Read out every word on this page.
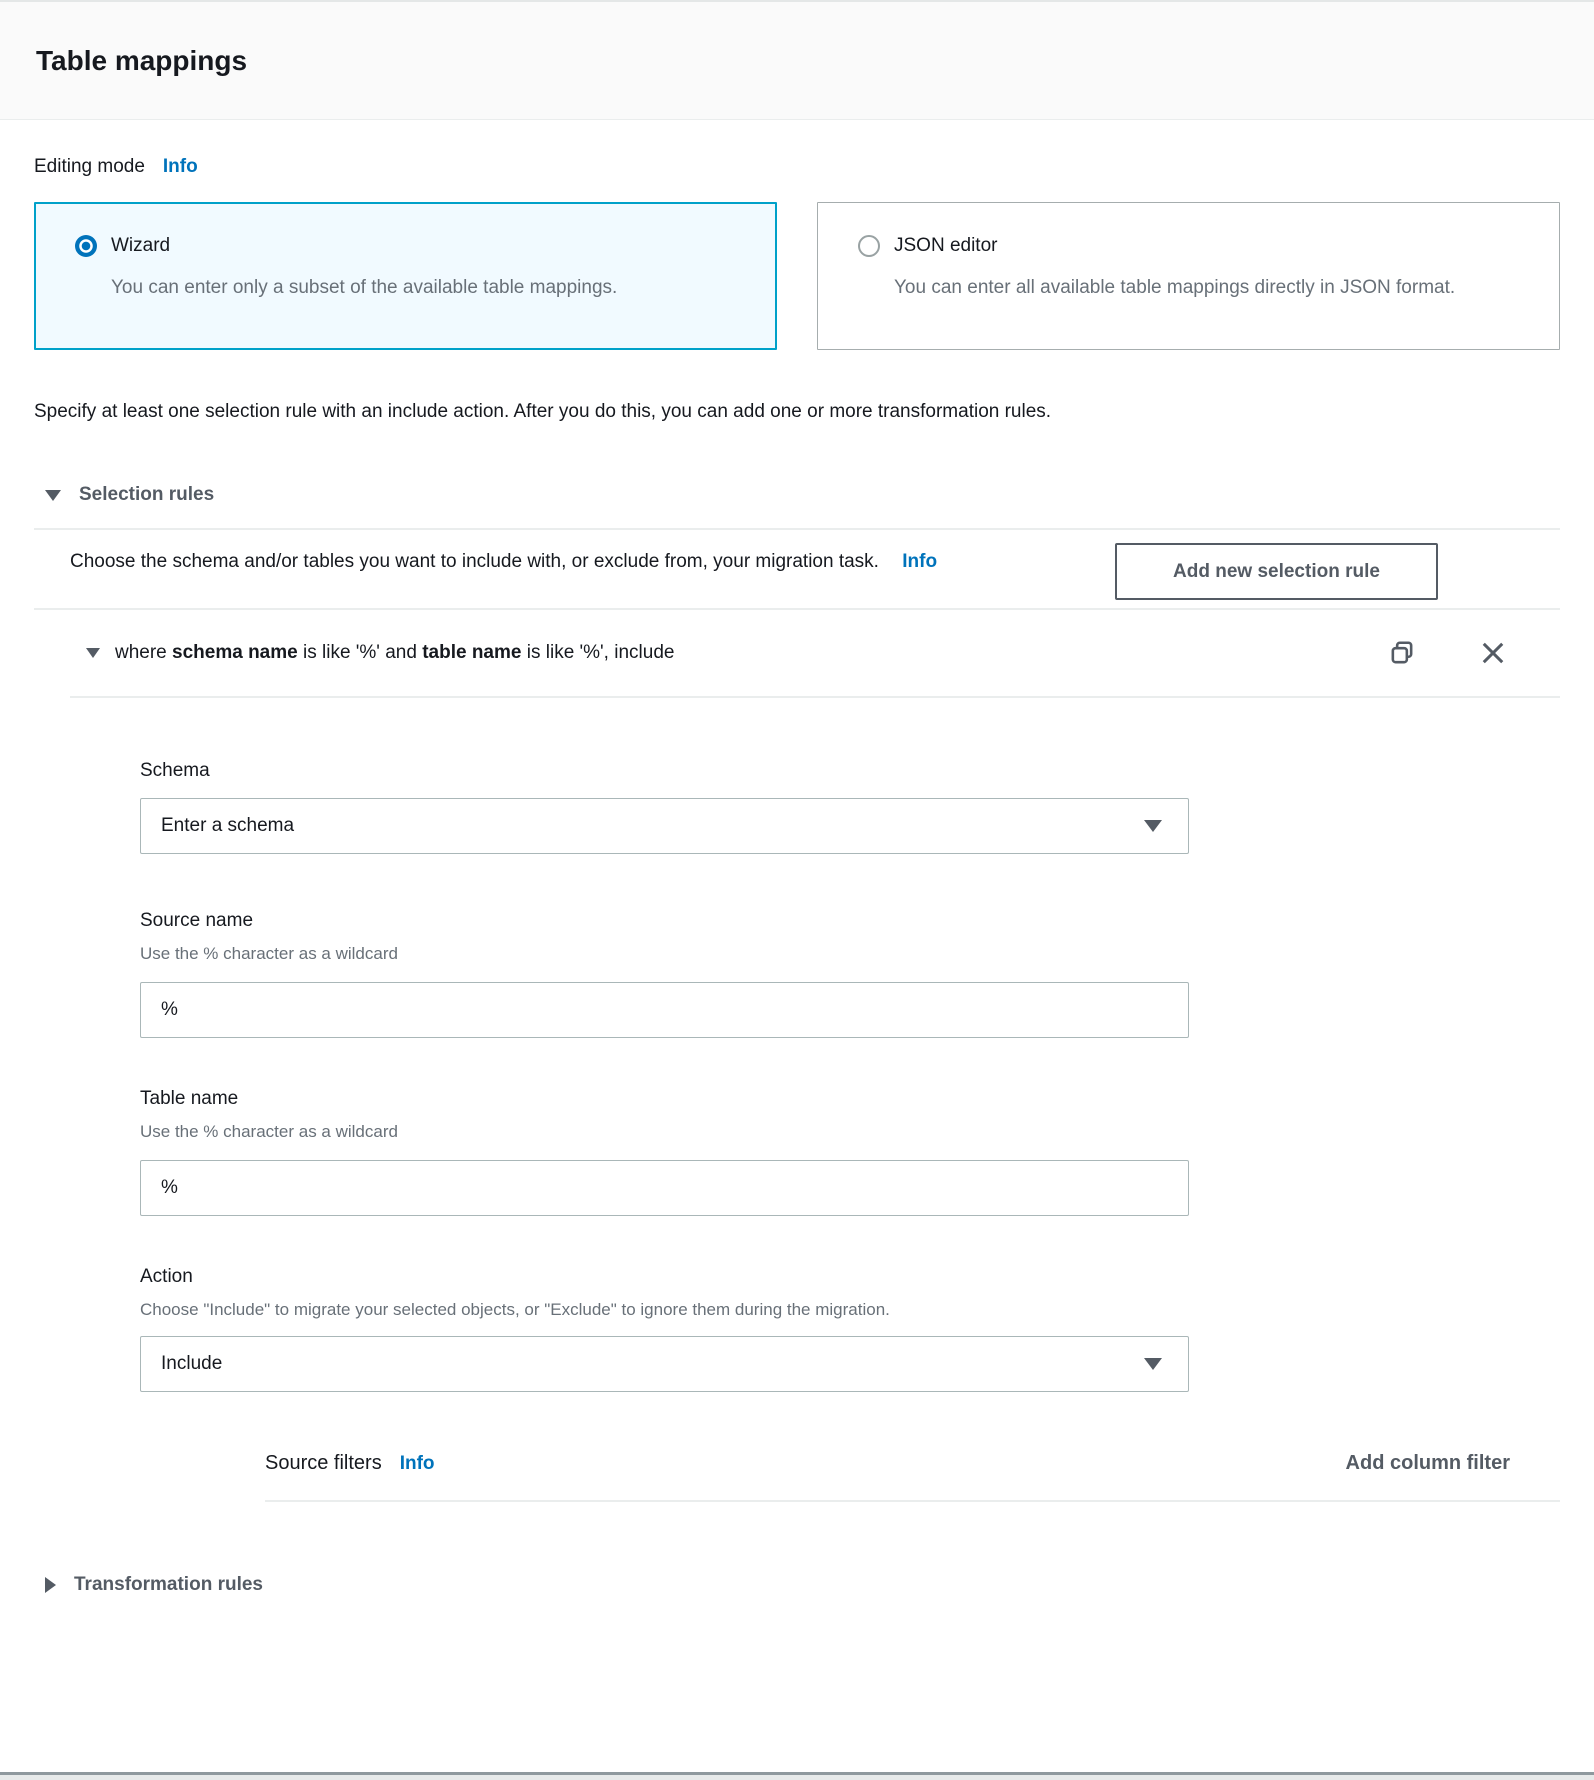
Table mappings
Editing mode Info
Wizard
You can enter only a subset of the available table mappings.
JSON editor
You can enter all available table mappings directly in JSON format.

Specify at least one selection rule with an include action. After you do this, you can add one or more transformation rules.

Selection rules
Choose the schema and/or tables you want to include with, or exclude from, your migration task. Info	Add new selection rule
where schema name is like '%' and table name is like '%', include
Schema
Enter a schema
Source name
Use the % character as a wildcard
%
Table name
Use the % character as a wildcard
%
Action
Choose "Include" to migrate your selected objects, or "Exclude" to ignore them during the migration.
Include
Source filters Info	Add column filter
Transformation rules
